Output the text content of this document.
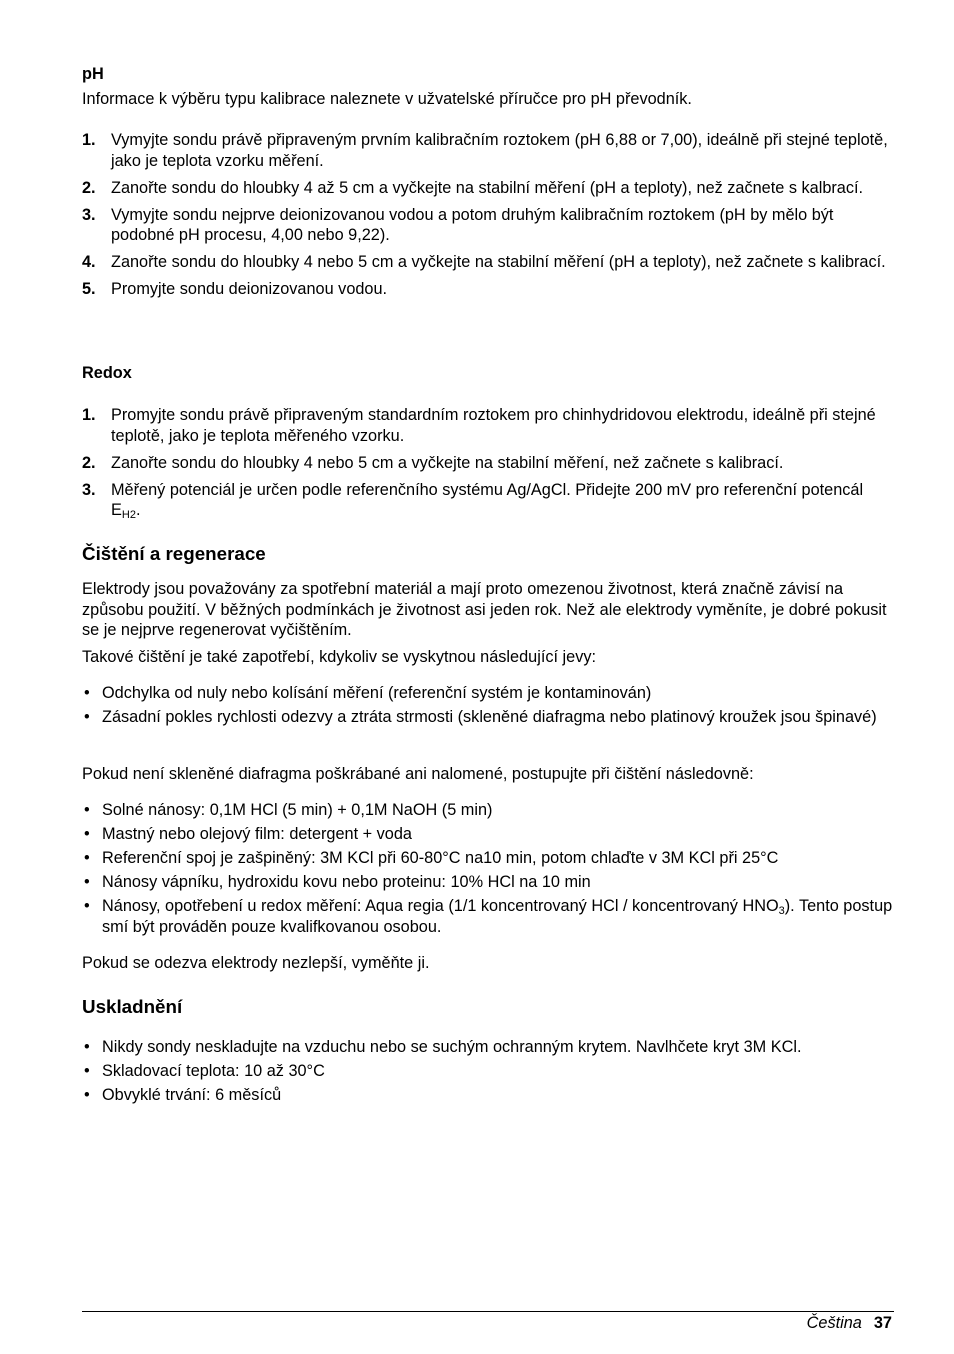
pH
Informace k výběru typu kalibrace naleznete v užvatelské příručce pro pH převodník.
1. Vymyjte sondu právě připraveným prvním kalibračním roztokem (pH 6,88 or 7,00), ideálně při stejné teplotě, jako je teplota vzorku měření.
2. Zanořte sondu do hloubky 4 až 5 cm a vyčkejte na stabilní měření (pH a teploty), než začnete s kalbrací.
3. Vymyjte sondu nejprve deionizovanou vodou a potom druhým kalibračním roztokem (pH by mělo být podobné pH procesu, 4,00 nebo 9,22).
4. Zanořte sondu do hloubky 4 nebo 5 cm a vyčkejte na stabilní měření (pH a teploty), než začnete s kalibrací.
5. Promyjte sondu deionizovanou vodou.
Redox
1. Promyjte sondu právě připraveným standardním roztokem pro chinhydridovou elektrodu, ideálně při stejné teplotě, jako je teplota měřeného vzorku.
2. Zanořte sondu do hloubky 4 nebo 5 cm a vyčkejte na stabilní měření, než začnete s kalibrací.
3. Měřený potenciál je určen podle referenčního systému Ag/AgCl. Přidejte 200 mV pro referenční potencál $E_{H2}$.
Čištění a regenerace
Elektrody jsou považovány za spotřební materiál a mají proto omezenou životnost, která značně závisí na způsobu použití. V běžných podmínkách je životnost asi jeden rok. Než ale elektrody vyměníte, je dobré pokusit se je nejprve regenerovat vyčištěním.
Takové čištění je také zapotřebí, kdykoliv se vyskytnou následující jevy:
• Odchylka od nuly nebo kolísání měření (referenční systém je kontaminován)
• Zásadní pokles rychlosti odezvy a ztráta strmosti (skleněné diafragma nebo platinový kroužek jsou špinavé)
Pokud není skleněné diafragma poškrábané ani nalomené, postupujte při čištění následovně:
• Solné nánosy: 0,1M HCl (5 min) + 0,1M NaOH (5 min)
• Mastný nebo olejový film: detergent + voda
• Referenční spoj je zašpiněný: 3M KCl při 60-80°C na10 min, potom chlaďte v 3M KCl při 25°C
• Nánosy vápníku, hydroxidu kovu nebo proteinu: 10% HCl na 10 min
• Nánosy, opotřebení u redox měření: Aqua regia (1/1 koncentrovaný HCl / koncentrovaný $HNO_3$). Tento postup smí být prováděn pouze kvalifkovanou osobou.
Pokud se odezva elektrody nezlepší, vyměňte ji.
Uskladnění
• Nikdy sondy neskladujte na vzduchu nebo se suchým ochranným krytem. Navlhčete kryt 3M KCl.
• Skladovací teplota: 10 až 30°C
• Obvyklé trvání: 6 měsíců
Čeština 37
